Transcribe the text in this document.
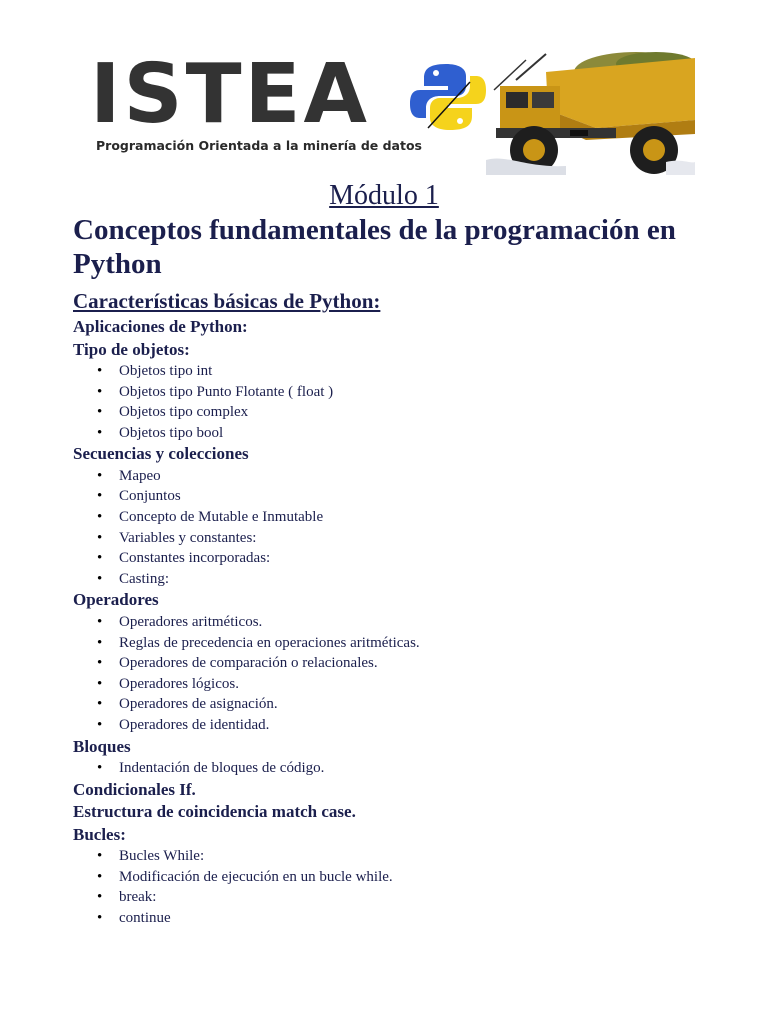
ISTEA
Programación Orientada a la minería de datos
Módulo 1
Conceptos fundamentales de la programación en Python
Características básicas de Python:
Aplicaciones de Python:
Tipo de objetos:
• Objetos tipo int
• Objetos tipo Punto Flotante ( float )
• Objetos tipo complex
• Objetos tipo bool
Secuencias y colecciones
• Mapeo
• Conjuntos
• Concepto de Mutable e Inmutable
• Variables y constantes:
• Constantes incorporadas:
• Casting:
Operadores
• Operadores aritméticos.
• Reglas de precedencia en operaciones aritméticas.
• Operadores de comparación o relacionales.
• Operadores lógicos.
• Operadores de asignación.
• Operadores de identidad.
Bloques
• Indentación de bloques de código.
Condicionales If.
Estructura de coincidencia match case.
Bucles:
• Bucles While:
• Modificación de ejecución en un bucle while.
• break:
• continue
